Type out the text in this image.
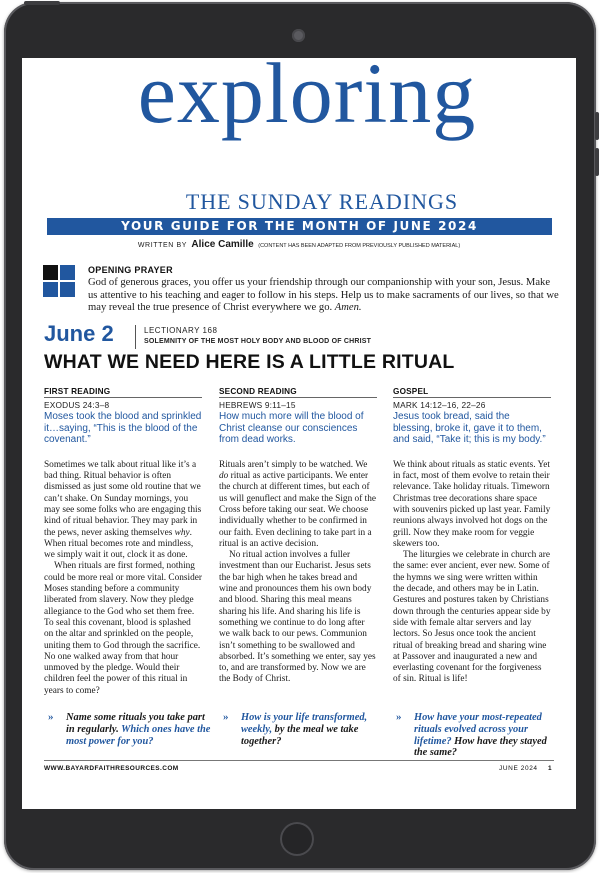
exploring
THE SUNDAY READINGS
YOUR GUIDE FOR THE MONTH OF JUNE 2024
WRITTEN BY Alice Camille (CONTENT HAS BEEN ADAPTED FROM PREVIOUSLY PUBLISHED MATERIAL)
OPENING PRAYER
God of generous graces, you offer us your friendship through our companionship with your son, Jesus. Make us attentive to his teaching and eager to follow in his steps. Help us to make sacraments of our lives, so that we may reveal the true presence of Christ everywhere we go. Amen.
June 2	LECTIONARY 168
SOLEMNITY OF THE MOST HOLY BODY AND BLOOD OF CHRIST
WHAT WE NEED HERE IS A LITTLE RITUAL
FIRST READING
EXODUS 24:3–8
Moses took the blood and sprinkled it…saying, “This is the blood of the covenant.”

Sometimes we talk about ritual like it’s a bad thing. Ritual behavior is often dismissed as just some old routine that we can’t shake. On Sunday mornings, you may see some folks who are engaging this kind of ritual behavior. They may park in the pews, never asking themselves why. When ritual becomes rote and mindless, we simply wait it out, clock it as done.

When rituals are first formed, nothing could be more real or more vital. Consider Moses standing before a community liberated from slavery. Now they pledge allegiance to the God who set them free. To seal this covenant, blood is splashed on the altar and sprinkled on the people, uniting them to God through the sacrifice. No one walked away from that hour unmoved by the pledge. Would their children feel the power of this ritual in years to come?

» Name some rituals you take part in regularly. Which ones have the most power for you?
SECOND READING
HEBREWS 9:11–15
How much more will the blood of Christ cleanse our consciences from dead works.

Rituals aren’t simply to be watched. We do ritual as active participants. We enter the church at different times, but each of us will genuflect and make the Sign of the Cross before taking our seat. We choose individually whether to be confirmed in our faith. Even declining to take part in a ritual is an active decision.

No ritual action involves a fuller investment than our Eucharist. Jesus sets the bar high when he takes bread and wine and pronounces them his own body and blood. Sharing this meal means sharing his life. And sharing his life is something we continue to do long after we walk back to our pews. Communion isn’t something to be swallowed and absorbed. It’s something we enter, say yes to, and are transformed by. Now we are the Body of Christ.

» How is your life transformed, weekly, by the meal we take together?
GOSPEL
MARK 14:12–16, 22–26
Jesus took bread, said the blessing, broke it, gave it to them, and said, “Take it; this is my body.”

We think about rituals as static events. Yet in fact, most of them evolve to retain their relevance. Take holiday rituals. Timeworn Christmas tree decorations share space with souvenirs picked up last year. Family reunions always involved hot dogs on the grill. Now they make room for veggie skewers too.

The liturgies we celebrate in church are the same: ever ancient, ever new. Some of the hymns we sing were written within the decade, and others may be in Latin. Gestures and postures taken by Christians down through the centuries appear side by side with female altar servers and lay lectors. So Jesus once took the ancient ritual of breaking bread and sharing wine at Passover and inaugurated a new and everlasting covenant for the forgiveness of sin. Ritual is life!

» How have your most-repeated rituals evolved across your lifetime? How have they stayed the same?
WWW.BAYARDFAITHRESOURCES.COM	JUNE 2024 1
